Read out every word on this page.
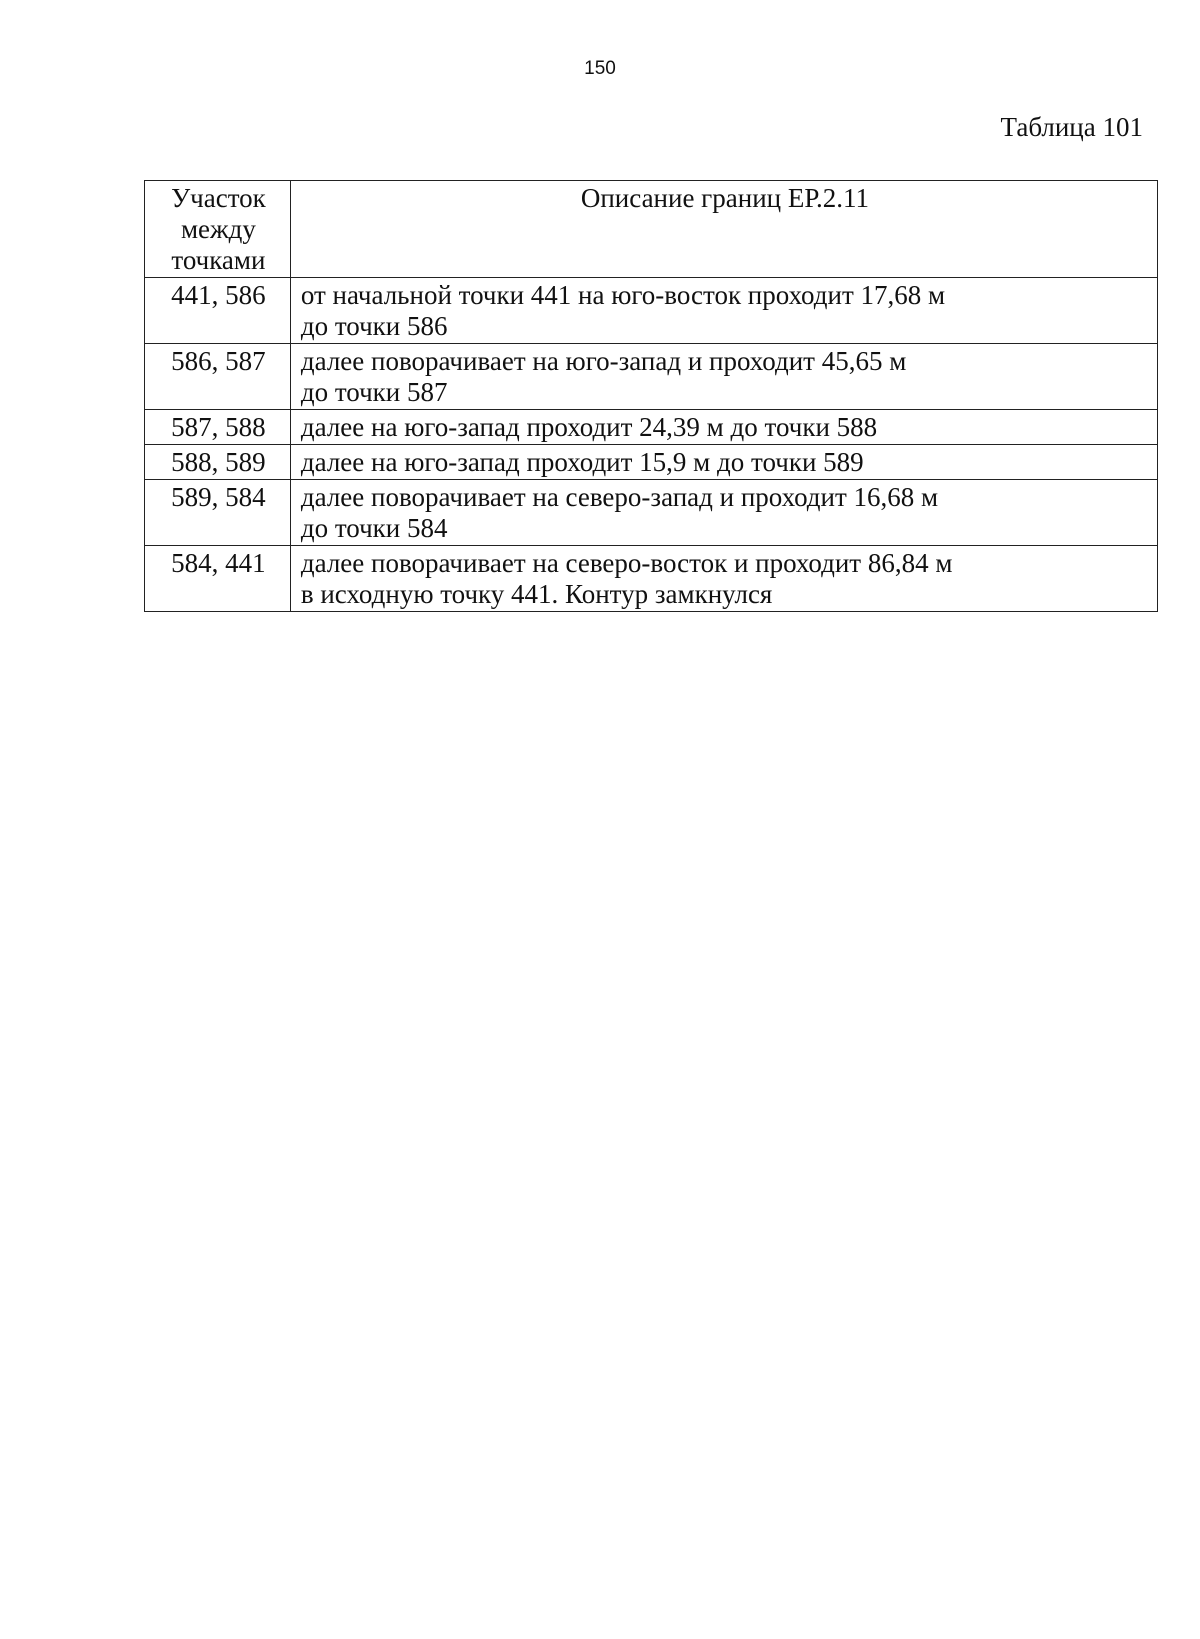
150
Таблица 101
Участок
между
точками	Описание границ ЕР.2.11
441, 586	от начальной точки 441 на юго-восток проходит 17,68 м
до точки 586

586, 587	далее поворачивает на юго-запад и проходит 45,65 м
до точки 587

587, 588	далее на юго-запад проходит 24,39 м до точки 588

588, 589	далее на юго-запад проходит 15,9 м до точки 589

589, 584	далее поворачивает на северо-запад и проходит 16,68 м
до точки 584

584, 441	далее поворачивает на северо-восток и проходит 86,84 м
в исходную точку 441. Контур замкнулся
